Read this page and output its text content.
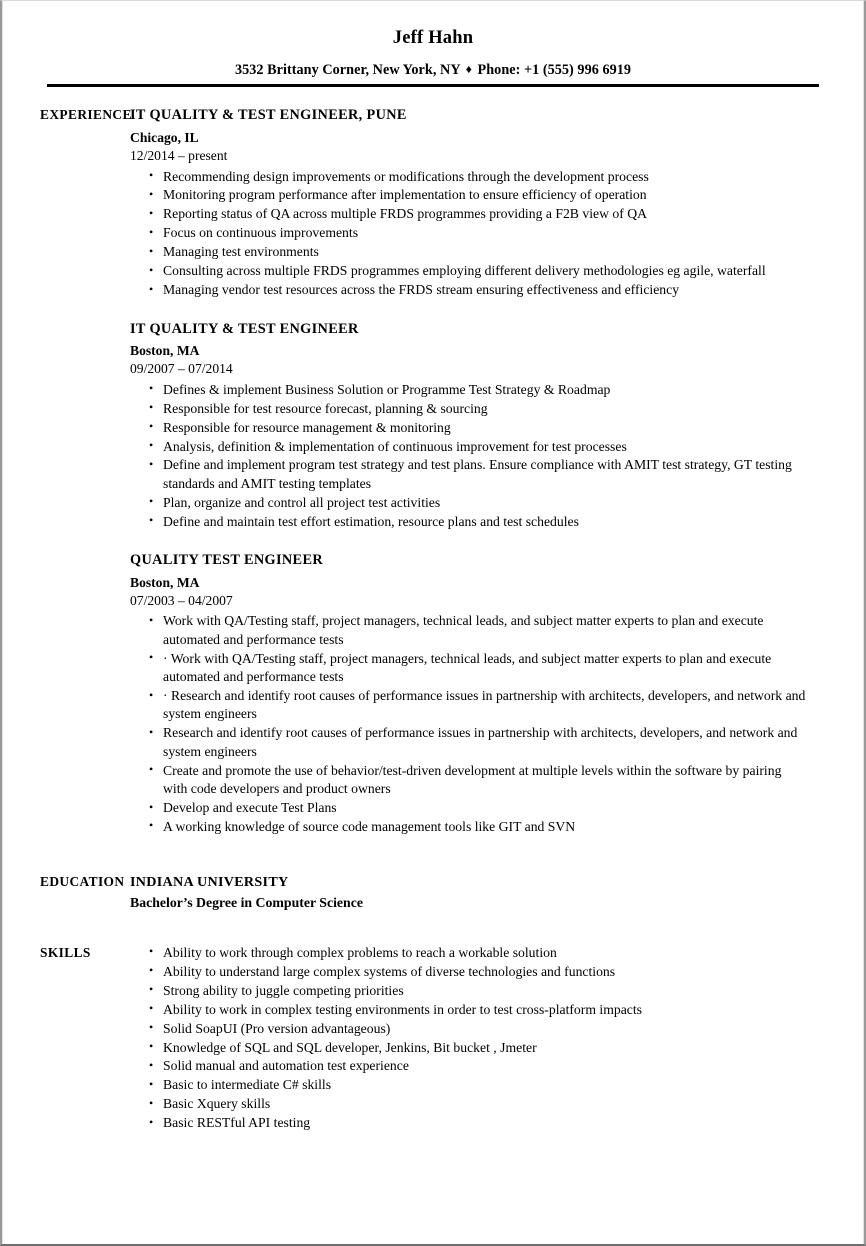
Jeff Hahn
3532 Brittany Corner, New York, NY ♦ Phone: +1 (555) 996 6919
EXPERIENCE
IT QUALITY & TEST ENGINEER, PUNE
Chicago, IL
12/2014 – present
• Recommending design improvements or modifications through the development process
• Monitoring program performance after implementation to ensure efficiency of operation
• Reporting status of QA across multiple FRDS programmes providing a F2B view of QA
• Focus on continuous improvements
• Managing test environments
• Consulting across multiple FRDS programmes employing different delivery methodologies eg agile, waterfall
• Managing vendor test resources across the FRDS stream ensuring effectiveness and efficiency
IT QUALITY & TEST ENGINEER
Boston, MA
09/2007 – 07/2014
• Defines & implement Business Solution or Programme Test Strategy & Roadmap
• Responsible for test resource forecast, planning & sourcing
• Responsible for resource management & monitoring
• Analysis, definition & implementation of continuous improvement for test processes
• Define and implement program test strategy and test plans. Ensure compliance with AMIT test strategy, GT testing standards and AMIT testing templates
• Plan, organize and control all project test activities
• Define and maintain test effort estimation, resource plans and test schedules
QUALITY TEST ENGINEER
Boston, MA
07/2003 – 04/2007
• Work with QA/Testing staff, project managers, technical leads, and subject matter experts to plan and execute automated and performance tests
• · Work with QA/Testing staff, project managers, technical leads, and subject matter experts to plan and execute automated and performance tests
• · Research and identify root causes of performance issues in partnership with architects, developers, and network and system engineers
• Research and identify root causes of performance issues in partnership with architects, developers, and network and system engineers
• Create and promote the use of behavior/test-driven development at multiple levels within the software by pairing with code developers and product owners
• Develop and execute Test Plans
• A working knowledge of source code management tools like GIT and SVN
EDUCATION INDIANA UNIVERSITY
Bachelor’s Degree in Computer Science
SKILLS	• Ability to work through complex problems to reach a workable solution
• Ability to understand large complex systems of diverse technologies and functions
• Strong ability to juggle competing priorities
• Ability to work in complex testing environments in order to test cross-platform impacts
• Solid SoapUI (Pro version advantageous)
• Knowledge of SQL and SQL developer, Jenkins, Bit bucket , Jmeter
• Solid manual and automation test experience
• Basic to intermediate C# skills
• Basic Xquery skills
• Basic RESTful API testing
